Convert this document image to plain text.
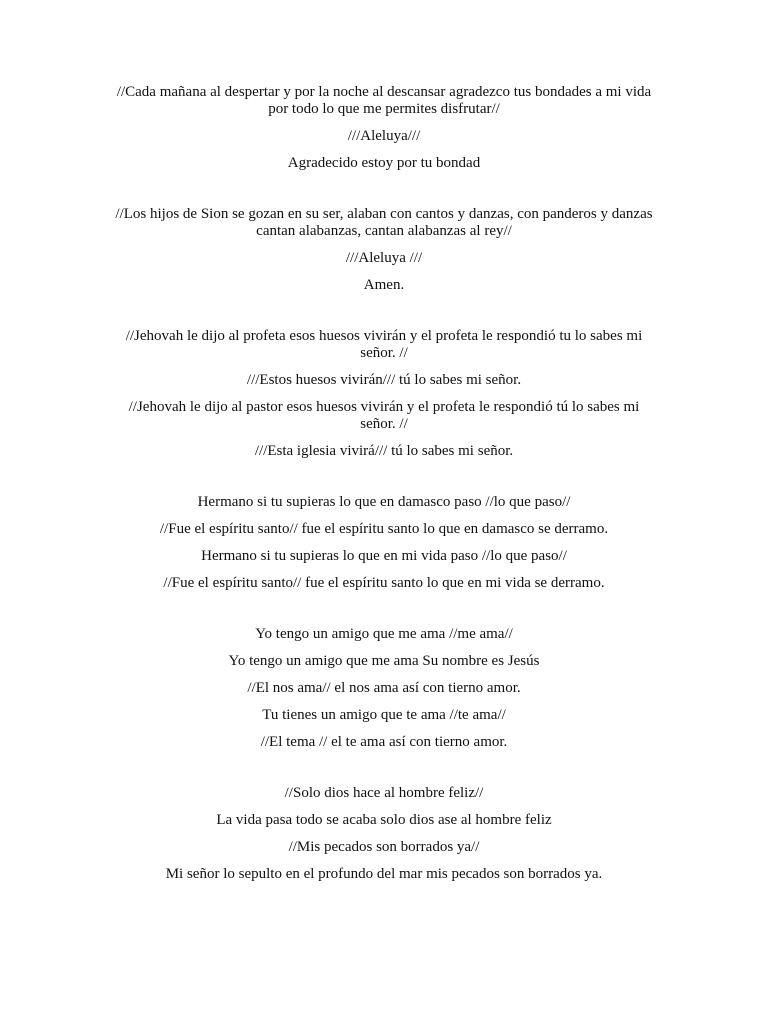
//Cada mañana al despertar y por la noche al descansar agradezco tus bondades a mi vida por todo lo que me permites disfrutar//

///Aleluya///

Agradecido estoy por tu bondad

//Los hijos de Sion se gozan en su ser, alaban con cantos y danzas, con panderos y danzas cantan alabanzas, cantan alabanzas al rey//

///Aleluya ///

Amen.

//Jehovah le dijo al profeta esos huesos vivirán y el profeta le respondió tu lo sabes mi señor. //

///Estos huesos vivirán/// tú lo sabes mi señor.

//Jehovah le dijo al pastor esos huesos vivirán y el profeta le respondió tú lo sabes mi señor. //

///Esta iglesia vivirá/// tú lo sabes mi señor.

Hermano si tu supieras lo que en damasco paso //lo que paso//

//Fue el espíritu santo// fue el espíritu santo lo que en damasco se derramo.

Hermano si tu supieras lo que en mi vida paso //lo que paso//

//Fue el espíritu santo// fue el espíritu santo lo que en mi vida se derramo.

Yo tengo un amigo que me ama //me ama//

Yo tengo un amigo que me ama Su nombre es Jesús

//El nos ama// el nos ama así con tierno amor.

Tu tienes un amigo que te ama //te ama//

//El tema // el te ama así con tierno amor.

//Solo dios hace al hombre feliz//

La vida pasa todo se acaba solo dios ase al hombre feliz

//Mis pecados son borrados ya//

Mi señor lo sepulto en el profundo del mar mis pecados son borrados ya.
